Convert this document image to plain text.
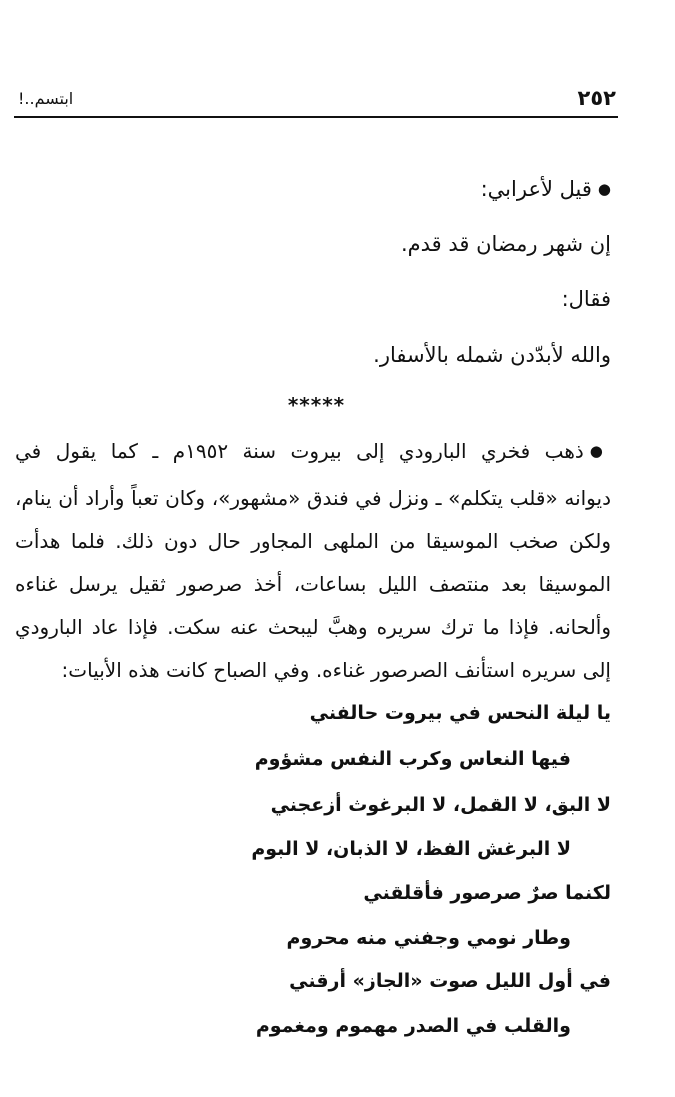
٢٥٢
ابتسم..!
● قيل لأعرابي:
إن شهر رمضان قد قدم.
فقال:
والله لأبدّدن شمله بالأسفار.
*****
● ذهب فخري البارودي إلى بيروت سنة ١٩٥٢م ـ كما يقول في
ديوانه «قلب يتكلم» ـ ونزل في فندق «مشهور»، وكان تعباً وأراد أن ينام،
ولكن صخب الموسيقا من الملهى المجاور حال دون ذلك. فلما هدأت
الموسيقا بعد منتصف الليل بساعات، أخذ صرصور ثقيل يرسل غناءه
وألحانه. فإذا ما ترك سريره وهبَّ ليبحث عنه سكت. فإذا عاد البارودي
إلى سريره استأنف الصرصور غناءه. وفي الصباح كانت هذه الأبيات:
يا ليلة النحس في بيروت حالفني
فيها النعاس وكرب النفس مشؤوم
لا البق، لا القمل، لا البرغوث أزعجني
لا البرغش الفظ، لا الذبان، لا البوم
لكنما صرٌ صرصور فأقلقني
وطار نومي وجفني منه محروم
في أول الليل صوت «الجاز» أرقني
والقلب في الصدر مهموم ومغموم
